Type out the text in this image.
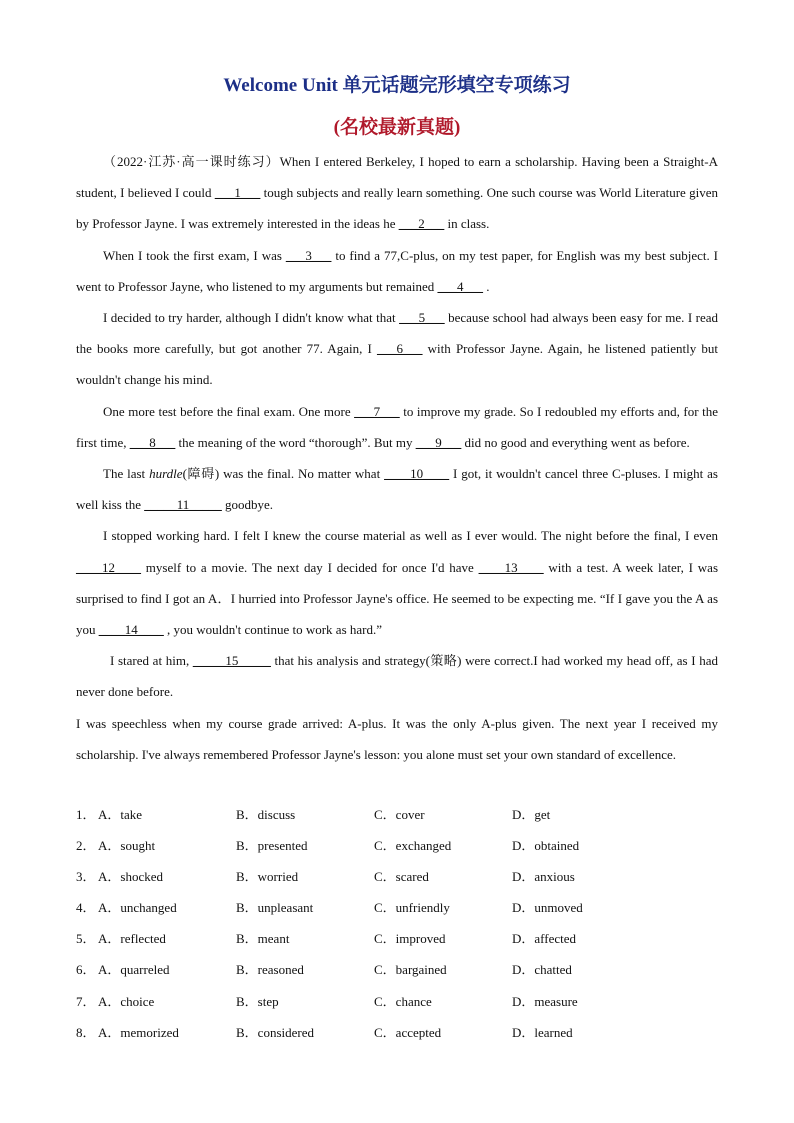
Welcome Unit 单元话题完形填空专项练习
(名校最新真题)

（2022·江苏·高一课时练习）When I entered Berkeley, I hoped to earn a scholarship. Having been a Straight-A student, I believed I could ___1___ tough subjects and really learn something. One such course was World Literature given by Professor Jayne. I was extremely interested in the ideas he ___2___ in class.

When I took the first exam, I was ___3___ to find a 77,C-plus, on my test paper, for English was my best subject. I went to Professor Jayne, who listened to my arguments but remained ___4___ .

I decided to try harder, although I didn't know what that ___5___ because school had always been easy for me. I read the books more carefully, but got another 77. Again, I ___6___ with Professor Jayne. Again, he listened patiently but wouldn't change his mind.

One more test before the final exam. One more ___7___ to improve my grade. So I redoubled my efforts and, for the first time, ___8___ the meaning of the word “thorough”. But my ___9___ did no good and everything went as before.

The last hurdle(障碍) was the final. No matter what ____10____ I got, it wouldn't cancel three C-pluses. I might as well kiss the _____11_____ goodbye.

I stopped working hard. I felt I knew the course material as well as I ever would. The night before the final, I even ____12____ myself to a movie. The next day I decided for once I'd have ____13____ with a test. A week later, I was surprised to find I got an A．I hurried into Professor Jayne's office. He seemed to be expecting me. “If I gave you the A as you ____14____ , you wouldn't continue to work as hard.”

I stared at him, _____15_____ that his analysis and strategy(策略) were correct.I had worked my head off, as I had never done before.

I was speechless when my course grade arrived: A-plus. It was the only A-plus given. The next year I received my scholarship. I've always remembered Professor Jayne's lesson: you alone must set your own standard of excellence.

1． A．take	B．discuss	C．cover	D．get
2． A．sought	B．presented	C．exchanged	D．obtained
3． A．shocked	B．worried	C．scared	D．anxious
4． A．unchanged	B．unpleasant	C．unfriendly	D．unmoved
5． A．reflected	B．meant	C．improved	D．affected
6． A．quarreled	B．reasoned	C．bargained	D．chatted
7． A．choice	B．step	C．chance	D．measure
8． A．memorized	B．considered	C．accepted	D．learned
